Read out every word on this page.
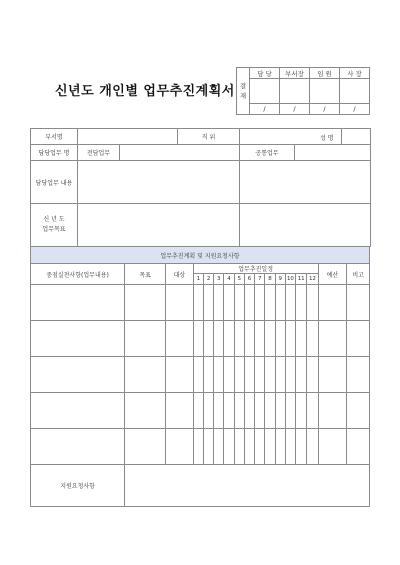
신년도 개인별 업무추진계획서 결
재	담 당	부서장	임 원	사 장

	/	/	/	/
부서명			직 위			성 명

담당업무 명	전담업무			공통업무		
담당업무 내용						

신 년 도
업무목표						

업무추진계획 및 지원요청사항																
중점실천사항(업무내용)	목표	대상	업무추진일정												예산	비고
			1	2	3	4	5	6	7	8	9	10	11	12		

지원요청사항																
